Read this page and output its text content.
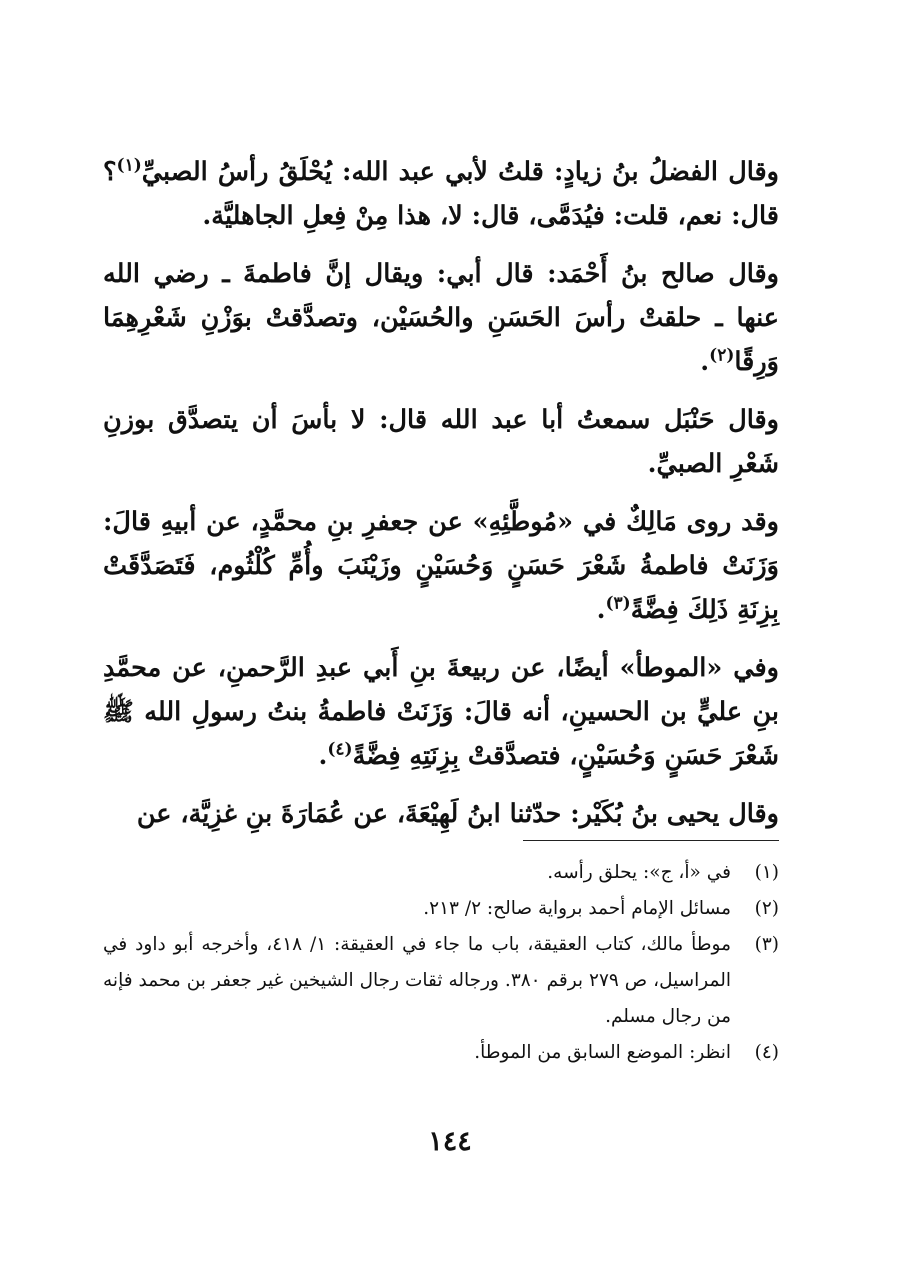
وقال الفضلُ بنُ زيادٍ: قلتُ لأبي عبد الله: يُحْلَقُ رأسُ الصبيِّ$^{(١)}$؟ قال: نعم، قلت: فيُدَمَّى، قال: لا، هذا مِنْ فِعلِ الجاهليَّة.

وقال صالح بنُ أَحْمَد: قال أبي: ويقال إنَّ فاطمةَ ـ رضي الله عنها ـ حلقتْ رأسَ الحَسَنِ والحُسَيْن، وتصدَّقتْ بوَزْنِ شَعْرِهِمَا وَرِقًا$^{(٢)}$.

وقال حَنْبَل سمعتُ أبا عبد الله قال: لا بأسَ أن يتصدَّق بوزنِ شَعْرِ الصبيِّ.

وقد روى مَالِكٌ في «مُوطَّئِهِ» عن جعفرِ بنِ محمَّدٍ، عن أبيهِ قالَ: وَزَنَتْ فاطمةُ شَعْرَ حَسَنٍ وَحُسَيْنٍ وزَيْنَبَ وأُمِّ كُلْثُوم، فَتَصَدَّقَتْ بِزِنَةِ ذَلِكَ فِضَّةً$^{(٣)}$.

وفي «الموطأ» أيضًا، عن ربيعةَ بنِ أَبي عبدِ الرَّحمنِ، عن محمَّدِ بنِ عليٍّ بن الحسينِ، أنه قالَ: وَزَنَتْ فاطمةُ بنتُ رسولِ الله ﷺ شَعْرَ حَسَنٍ وَحُسَيْنٍ، فتصدَّقتْ بِزِنَتِهِ فِضَّةً$^{(٤)}$.

وقال يحيى بنُ بُكَيْر: حدّثنا ابنُ لَهِيْعَةَ، عن عُمَارَةَ بنِ غزِيَّة، عن

(١)
في «أ، ج»: يحلق رأسه.
(٢)
مسائل الإمام أحمد برواية صالح: ٢/ ٢١٣.
(٣)
موطأ مالك، كتاب العقيقة، باب ما جاء في العقيقة: ١/ ٤١٨، وأخرجه أبو داود في المراسيل، ص ٢٧٩ برقم ٣٨٠. ورجاله ثقات رجال الشيخين غير جعفر بن محمد فإنه من رجال مسلم.
(٤)
انظر: الموضع السابق من الموطأ.
١٤٤
